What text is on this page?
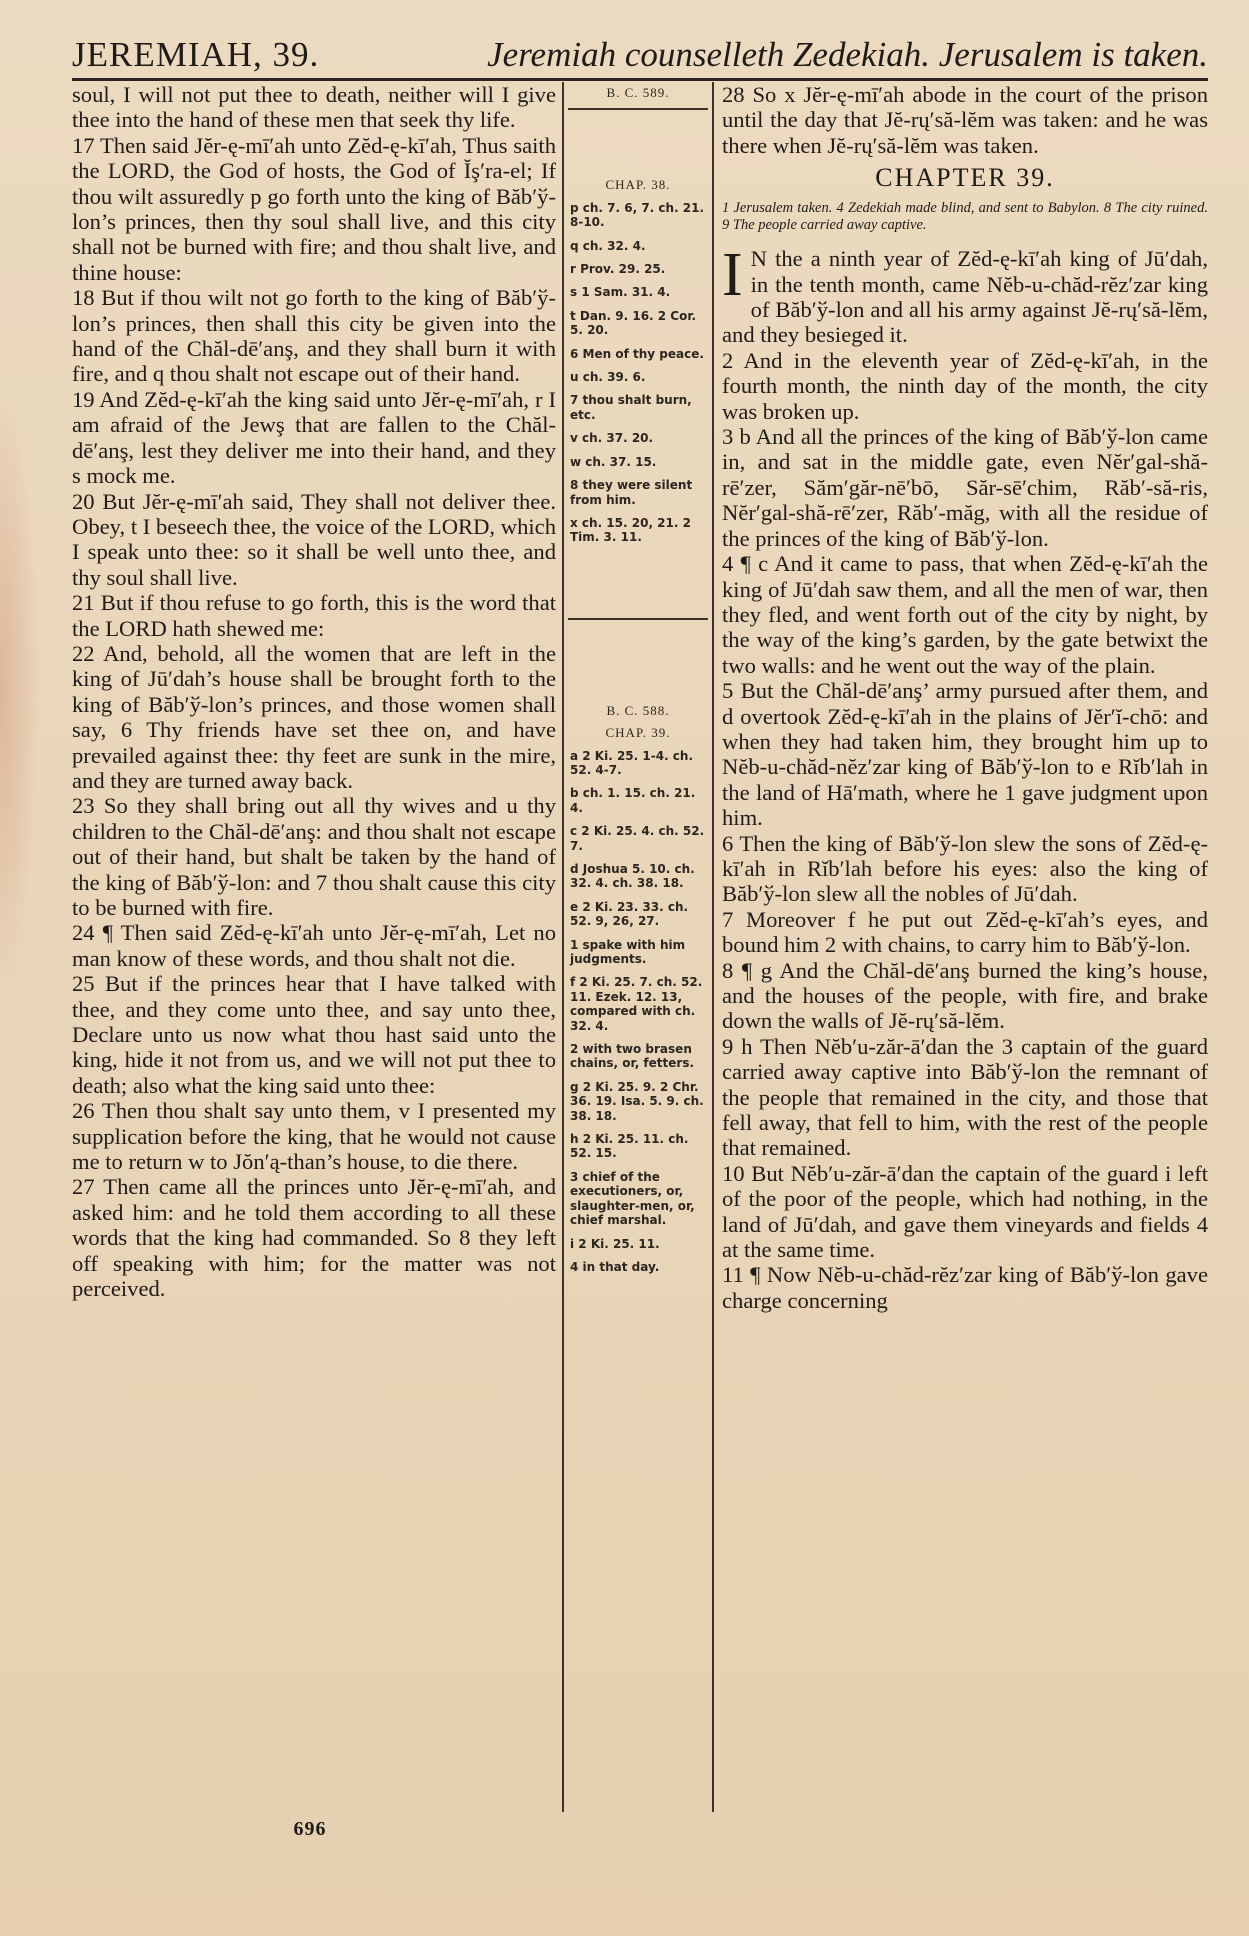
JEREMIAH, 39.	Jeremiah counselleth Zedekiah. Jerusalem is taken.

soul, I will not put thee to death, neither will I give thee into the hand of these men that seek thy life.

17 Then said Jĕr-ę-mī′ah unto Zĕd-ę-kī′ah, Thus saith the LORD, the God of hosts, the God of Ĭş′ra-el; If thou wilt assuredly p go forth unto the king of Băb′ў-lon’s princes, then thy soul shall live, and this city shall not be burned with fire; and thou shalt live, and thine house:

18 But if thou wilt not go forth to the king of Băb′ў-lon’s princes, then shall this city be given into the hand of the Chăl-dē′anş, and they shall burn it with fire, and q thou shalt not escape out of their hand.

19 And Zĕd-ę-kī′ah the king said unto Jĕr-ę-mī′ah, r I am afraid of the Jewş that are fallen to the Chăl-dē′anş, lest they deliver me into their hand, and they s mock me.

20 But Jĕr-ę-mī′ah said, They shall not deliver thee. Obey, t I beseech thee, the voice of the LORD, which I speak unto thee: so it shall be well unto thee, and thy soul shall live.

21 But if thou refuse to go forth, this is the word that the LORD hath shewed me:

22 And, behold, all the women that are left in the king of Jū′dah’s house shall be brought forth to the king of Băb′ў-lon’s princes, and those women shall say, 6 Thy friends have set thee on, and have prevailed against thee: thy feet are sunk in the mire, and they are turned away back.

23 So they shall bring out all thy wives and u thy children to the Chăl-dē′anş: and thou shalt not escape out of their hand, but shalt be taken by the hand of the king of Băb′ў-lon: and 7 thou shalt cause this city to be burned with fire.

24 ¶ Then said Zĕd-ę-kī′ah unto Jĕr-ę-mī′ah, Let no man know of these words, and thou shalt not die.

25 But if the princes hear that I have talked with thee, and they come unto thee, and say unto thee, Declare unto us now what thou hast said unto the king, hide it not from us, and we will not put thee to death; also what the king said unto thee:

26 Then thou shalt say unto them, v I presented my supplication before the king, that he would not cause me to return w to Jŏn′ą-than’s house, to die there.

27 Then came all the princes unto Jĕr-ę-mī′ah, and asked him: and he told them according to all these words that the king had commanded. So 8 they left off speaking with him; for the matter was not perceived.

B. C. 589.
CHAP. 38.

p ch. 7. 6, 7. ch. 21. 8-10.

q ch. 32. 4.

r Prov. 29. 25.

s 1 Sam. 31. 4.

t Dan. 9. 16. 2 Cor. 5. 20.

6 Men of thy peace.

u ch. 39. 6.

7 thou shalt burn, etc.

v ch. 37. 20.

w ch. 37. 15.

8 they were silent from him.

x ch. 15. 20, 21. 2 Tim. 3. 11.

B. C. 588.
CHAP. 39.

a 2 Ki. 25. 1-4. ch. 52. 4-7.

b ch. 1. 15. ch. 21. 4.

c 2 Ki. 25. 4. ch. 52. 7.

d Joshua 5. 10. ch. 32. 4. ch. 38. 18.

e 2 Ki. 23. 33. ch. 52. 9, 26, 27.

1 spake with him judgments.

f 2 Ki. 25. 7. ch. 52. 11. Ezek. 12. 13, compared with ch. 32. 4.

2 with two brasen chains, or, fetters.

g 2 Ki. 25. 9. 2 Chr. 36. 19. Isa. 5. 9. ch. 38. 18.

h 2 Ki. 25. 11. ch. 52. 15.

3 chief of the executioners, or, slaughter-men, or, chief marshal.

i 2 Ki. 25. 11.

4 in that day.

28 So x Jĕr-ę-mī′ah abode in the court of the prison until the day that Jĕ-rų′să-lĕm was taken: and he was there when Jĕ-rų′să-lĕm was taken.

CHAPTER 39.
1 Jerusalem taken. 4 Zedekiah made blind, and sent to Babylon. 8 The city ruined. 9 The people carried away captive.

I N the a ninth year of Zĕd-ę-kī′ah king of Jū′dah, in the tenth month, came Nĕb-u-chăd-rĕz′zar king of Băb′ў-lon and all his army against Jĕ-rų′să-lĕm, and they besieged it.

2 And in the eleventh year of Zĕd-ę-kī′ah, in the fourth month, the ninth day of the month, the city was broken up.

3 b And all the princes of the king of Băb′ў-lon came in, and sat in the middle gate, even Nĕr′gal-shă-rē′zer, Săm′găr-nē′bō, Săr-sē′chim, Răb′-să-ris, Nĕr′gal-shă-rē′zer, Răb′-măg, with all the residue of the princes of the king of Băb′ў-lon.

4 ¶ c And it came to pass, that when Zĕd-ę-kī′ah the king of Jū′dah saw them, and all the men of war, then they fled, and went forth out of the city by night, by the way of the king’s garden, by the gate betwixt the two walls: and he went out the way of the plain.

5 But the Chăl-dē′anş’ army pursued after them, and d overtook Zĕd-ę-kī′ah in the plains of Jĕr′ĭ-chō: and when they had taken him, they brought him up to Nĕb-u-chăd-nĕz′zar king of Băb′ў-lon to e Rĭb′lah in the land of Hā′math, where he 1 gave judgment upon him.

6 Then the king of Băb′ў-lon slew the sons of Zĕd-ę-kī′ah in Rĭb′lah before his eyes: also the king of Băb′ў-lon slew all the nobles of Jū′dah.

7 Moreover f he put out Zĕd-ę-kī′ah’s eyes, and bound him 2 with chains, to carry him to Băb′ў-lon.

8 ¶ g And the Chăl-dē′anş burned the king’s house, and the houses of the people, with fire, and brake down the walls of Jĕ-rų′să-lĕm.

9 h Then Nĕb′u-zăr-ā′dan the 3 captain of the guard carried away captive into Băb′ў-lon the remnant of the people that remained in the city, and those that fell away, that fell to him, with the rest of the people that remained.

10 But Nĕb′u-zăr-ā′dan the captain of the guard i left of the poor of the people, which had nothing, in the land of Jū′dah, and gave them vineyards and fields 4 at the same time.

11 ¶ Now Nĕb-u-chăd-rĕz′zar king of Băb′ў-lon gave charge concerning

696
